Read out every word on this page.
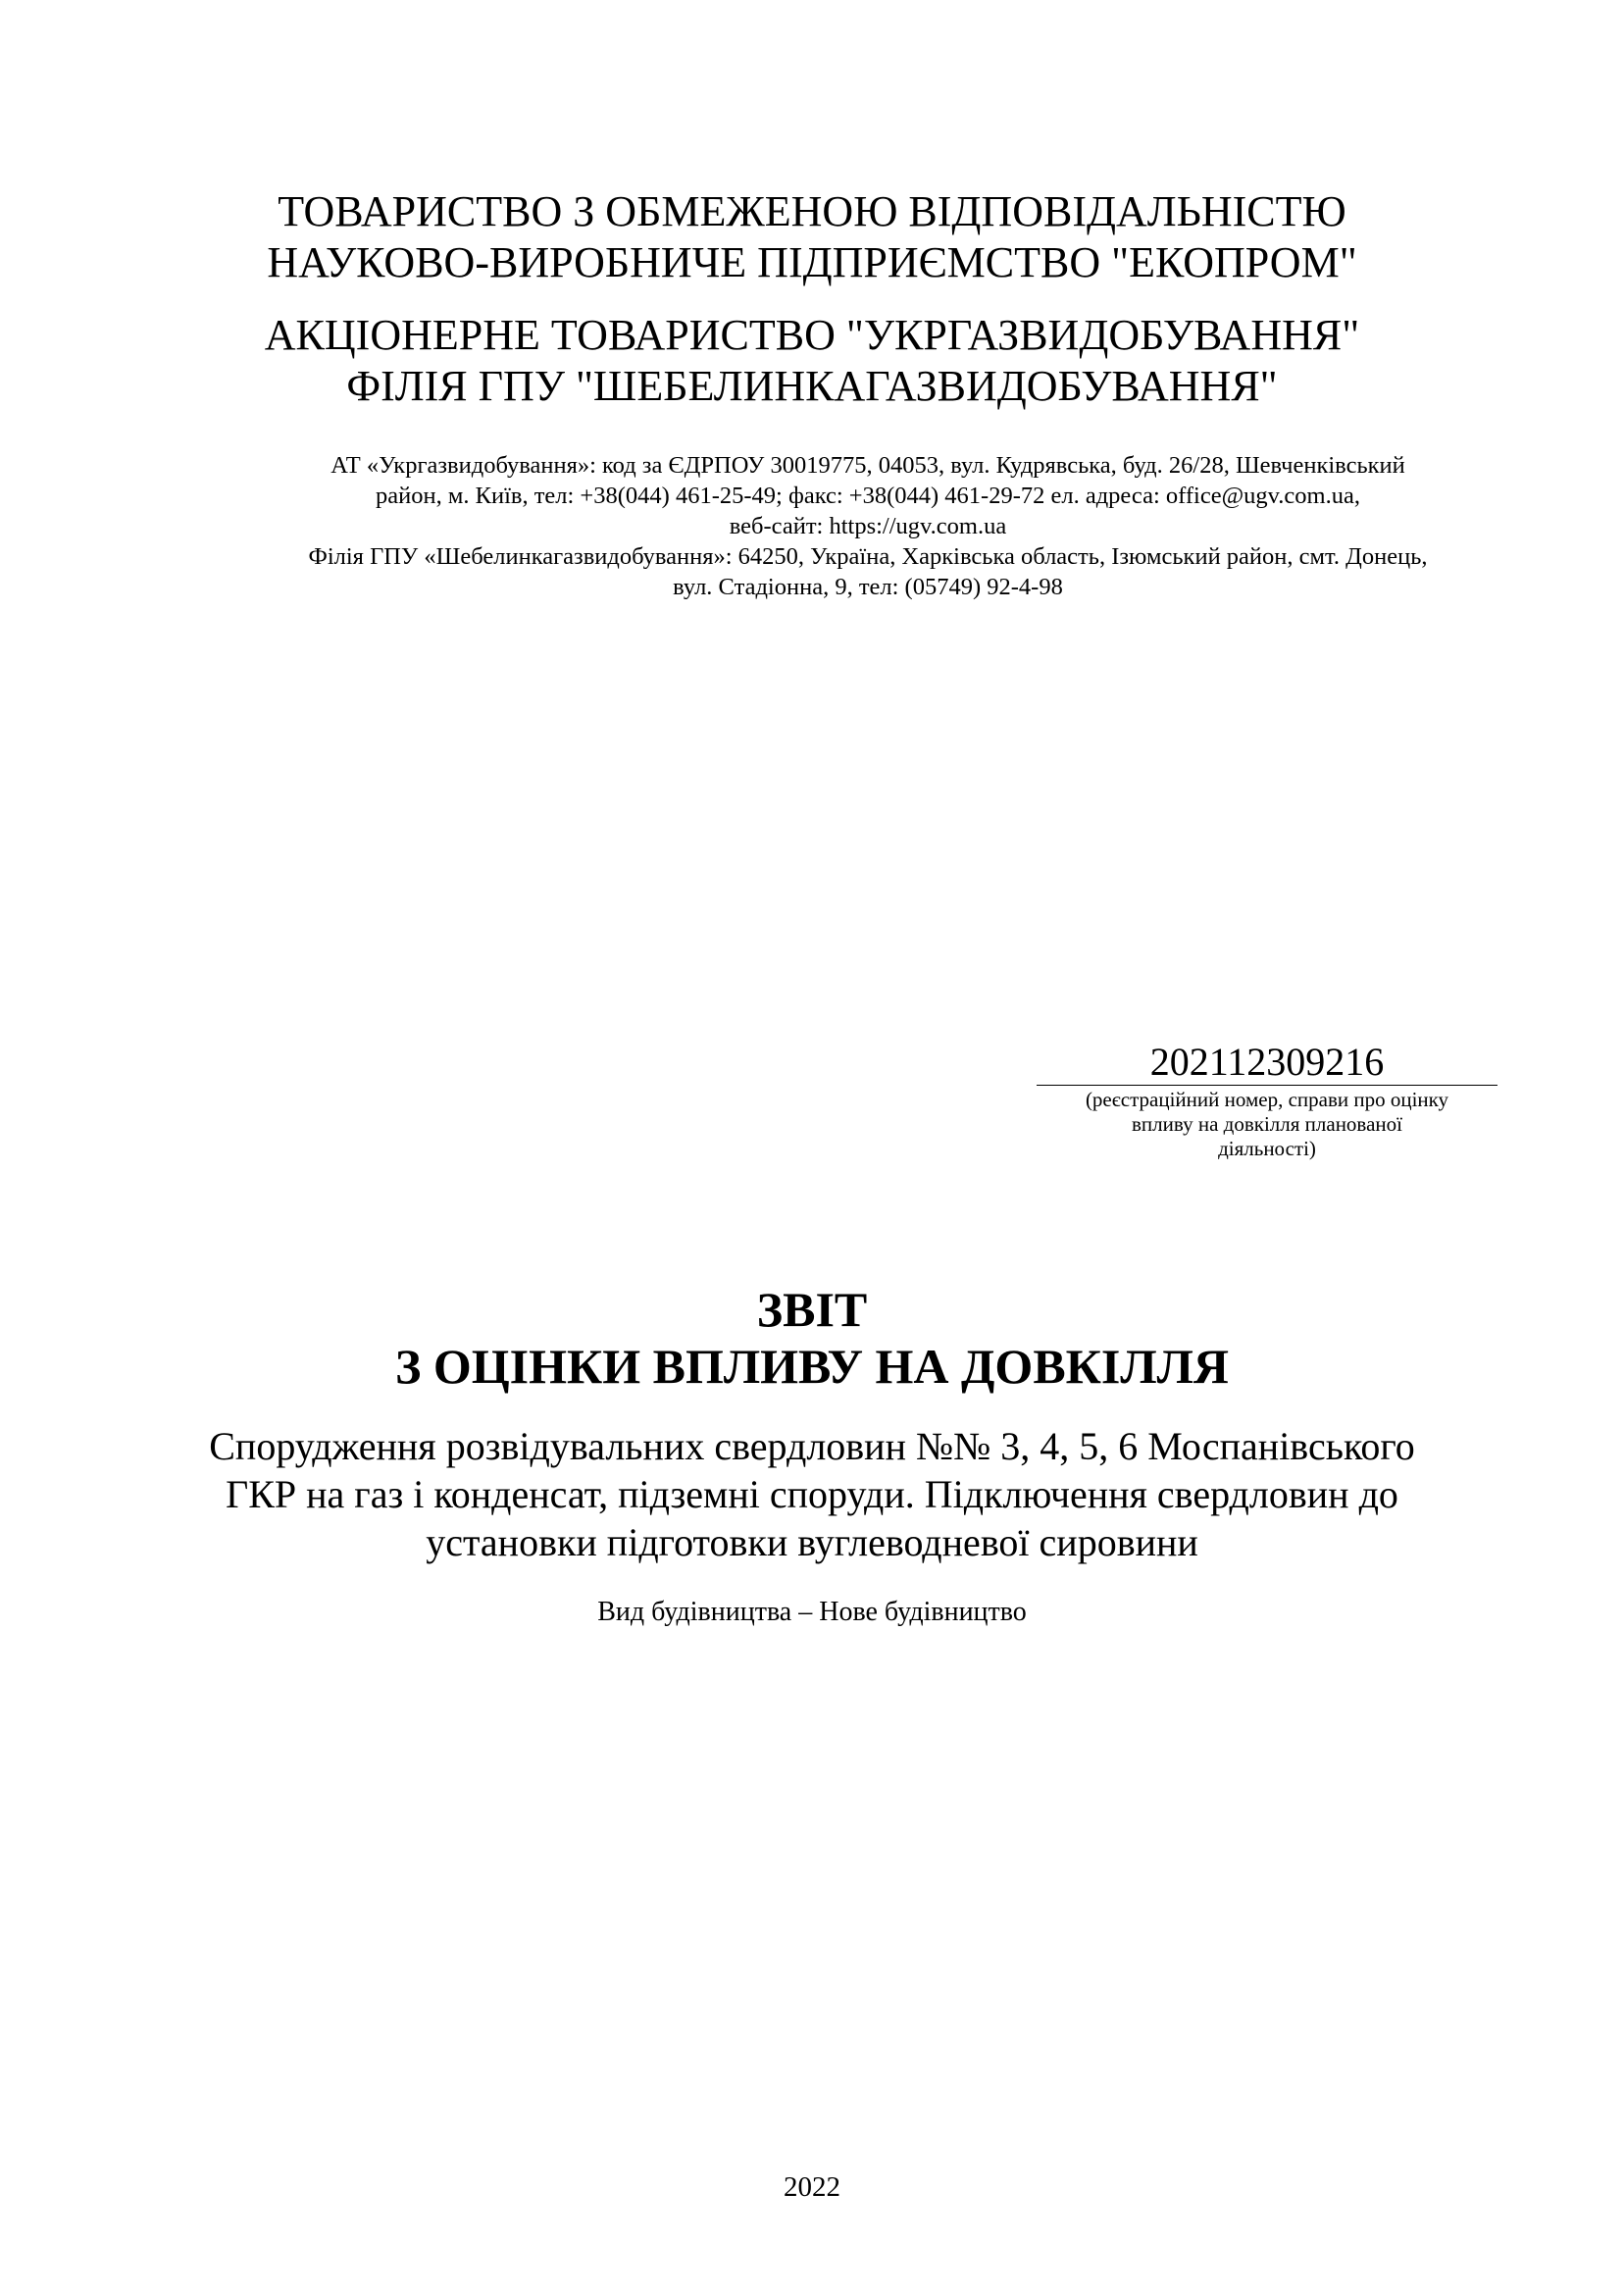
ТОВАРИСТВО З ОБМЕЖЕНОЮ ВІДПОВІДАЛЬНІСТЮ
НАУКОВО-ВИРОБНИЧЕ ПІДПРИЄМСТВО "ЕКОПРОМ"
АКЦІОНЕРНЕ ТОВАРИСТВО "УКРГАЗВИДОБУВАННЯ"
ФІЛІЯ ГПУ "ШЕБЕЛИНКАГАЗВИДОБУВАННЯ"
АТ «Укргазвидобування»: код за ЄДРПОУ 30019775, 04053, вул. Кудрявська, буд. 26/28, Шевченківський
район, м. Київ, тел: +38(044) 461-25-49; факс: +38(044) 461-29-72 ел. адреса: office@ugv.com.ua,
веб-сайт: https://ugv.com.ua
Філія ГПУ «Шебелинкагазвидобування»: 64250, Україна, Харківська область, Ізюмський район, смт. Донець,
вул. Стадіонна, 9, тел: (05749) 92-4-98
202112309216
(реєстраційний номер, справи про оцінку
впливу на довкілля планованої
діяльності)
ЗВІТ
З ОЦІНКИ ВПЛИВУ НА ДОВКІЛЛЯ
Спорудження розвідувальних свердловин №№ 3, 4, 5, 6 Моспанівського
ГКР на газ і конденсат, підземні споруди. Підключення свердловин до
установки підготовки вуглеводневої сировини
Вид будівництва – Нове будівництво
2022
